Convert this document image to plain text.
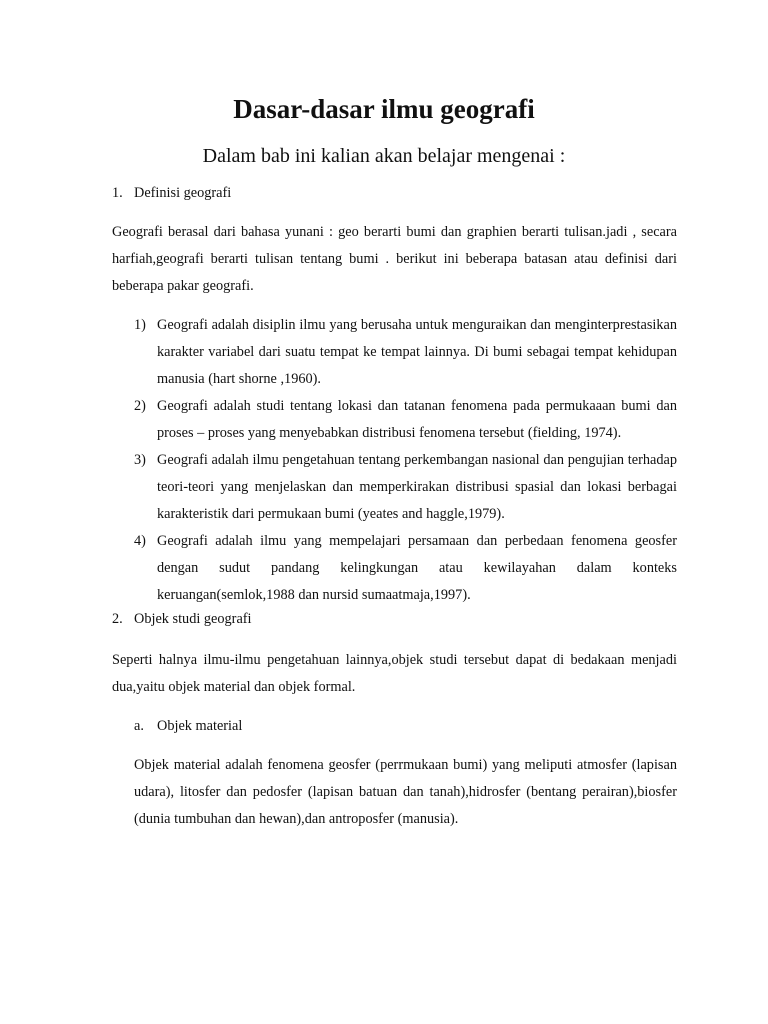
Dasar-dasar ilmu geografi

Dalam bab ini kalian akan belajar mengenai :

1. Definisi geografi

Geografi berasal dari bahasa yunani : geo berarti bumi dan graphien berarti tulisan.jadi , secara harfiah,geografi berarti tulisan tentang bumi . berikut ini beberapa batasan atau definisi dari beberapa pakar geografi.

1) Geografi adalah disiplin ilmu yang berusaha untuk menguraikan dan menginterprestasikan karakter variabel dari suatu tempat ke tempat lainnya. Di bumi sebagai tempat kehidupan manusia (hart shorne ,1960).
2) Geografi adalah studi tentang lokasi dan tatanan fenomena pada permukaaan bumi dan proses – proses yang menyebabkan distribusi fenomena tersebut (fielding, 1974).
3) Geografi adalah ilmu pengetahuan tentang perkembangan nasional dan pengujian terhadap teori-teori yang menjelaskan dan memperkirakan distribusi spasial dan lokasi berbagai karakteristik dari permukaan bumi (yeates and haggle,1979).
4) Geografi adalah ilmu yang mempelajari persamaan dan perbedaan fenomena geosfer dengan sudut pandang kelingkungan atau kewilayahan dalam konteks keruangan(semlok,1988 dan nursid sumaatmaja,1997).
2. Objek studi geografi

Seperti halnya ilmu-ilmu pengetahuan lainnya,objek studi tersebut dapat di bedakaan menjadi dua,yaitu objek material dan objek formal.

a. Objek material

Objek material adalah fenomena geosfer (perrmukaan bumi) yang meliputi atmosfer (lapisan udara), litosfer dan pedosfer (lapisan batuan dan tanah),hidrosfer (bentang perairan),biosfer (dunia tumbuhan dan hewan),dan antroposfer (manusia).
